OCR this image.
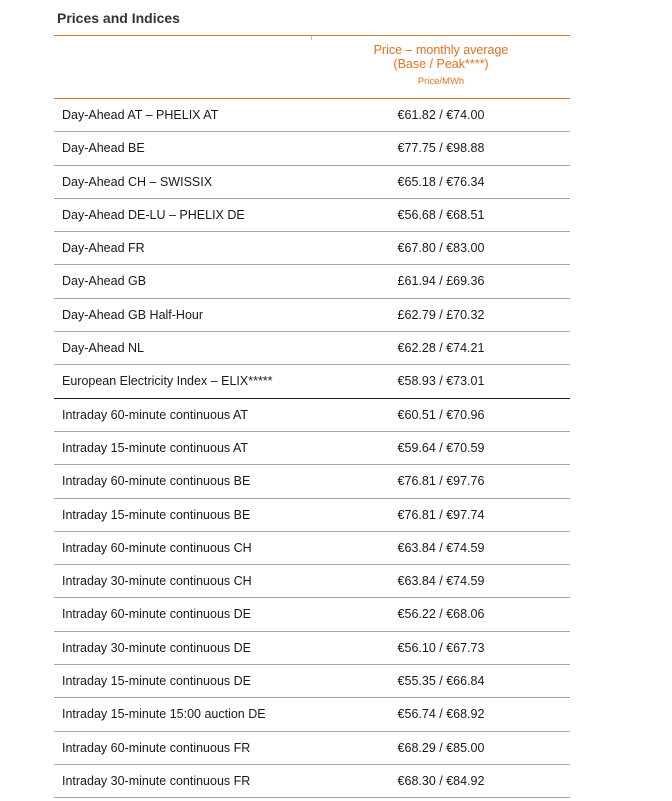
Prices and Indices
Price – monthly average
(Base / Peak****)
Price/MWh
Day-Ahead AT – PHELIX AT	€61.82 / €74.00
Day-Ahead BE	€77.75 / €98.88
Day-Ahead CH – SWISSIX	€65.18 / €76.34
Day-Ahead DE-LU – PHELIX DE	€56.68 / €68.51
Day-Ahead FR	€67.80 / €83.00
Day-Ahead GB	£61.94 / £69.36
Day-Ahead GB Half-Hour	£62.79 / £70.32
Day-Ahead NL	€62.28 / €74.21
European Electricity Index – ELIX*****	€58.93 / €73.01
Intraday 60-minute continuous AT	€60.51 / €70.96
Intraday 15-minute continuous AT	€59.64 / €70.59
Intraday 60-minute continuous BE	€76.81 / €97.76
Intraday 15-minute continuous BE	€76.81 / €97.74
Intraday 60-minute continuous CH	€63.84 / €74.59
Intraday 30-minute continuous CH	€63.84 / €74.59
Intraday 60-minute continuous DE	€56.22 / €68.06
Intraday 30-minute continuous DE	€56.10 / €67.73
Intraday 15-minute continuous DE	€55.35 / €66.84
Intraday 15-minute 15:00 auction DE	€56.74 / €68.92
Intraday 60-minute continuous FR	€68.29 / €85.00
Intraday 30-minute continuous FR	€68.30 / €84.92
